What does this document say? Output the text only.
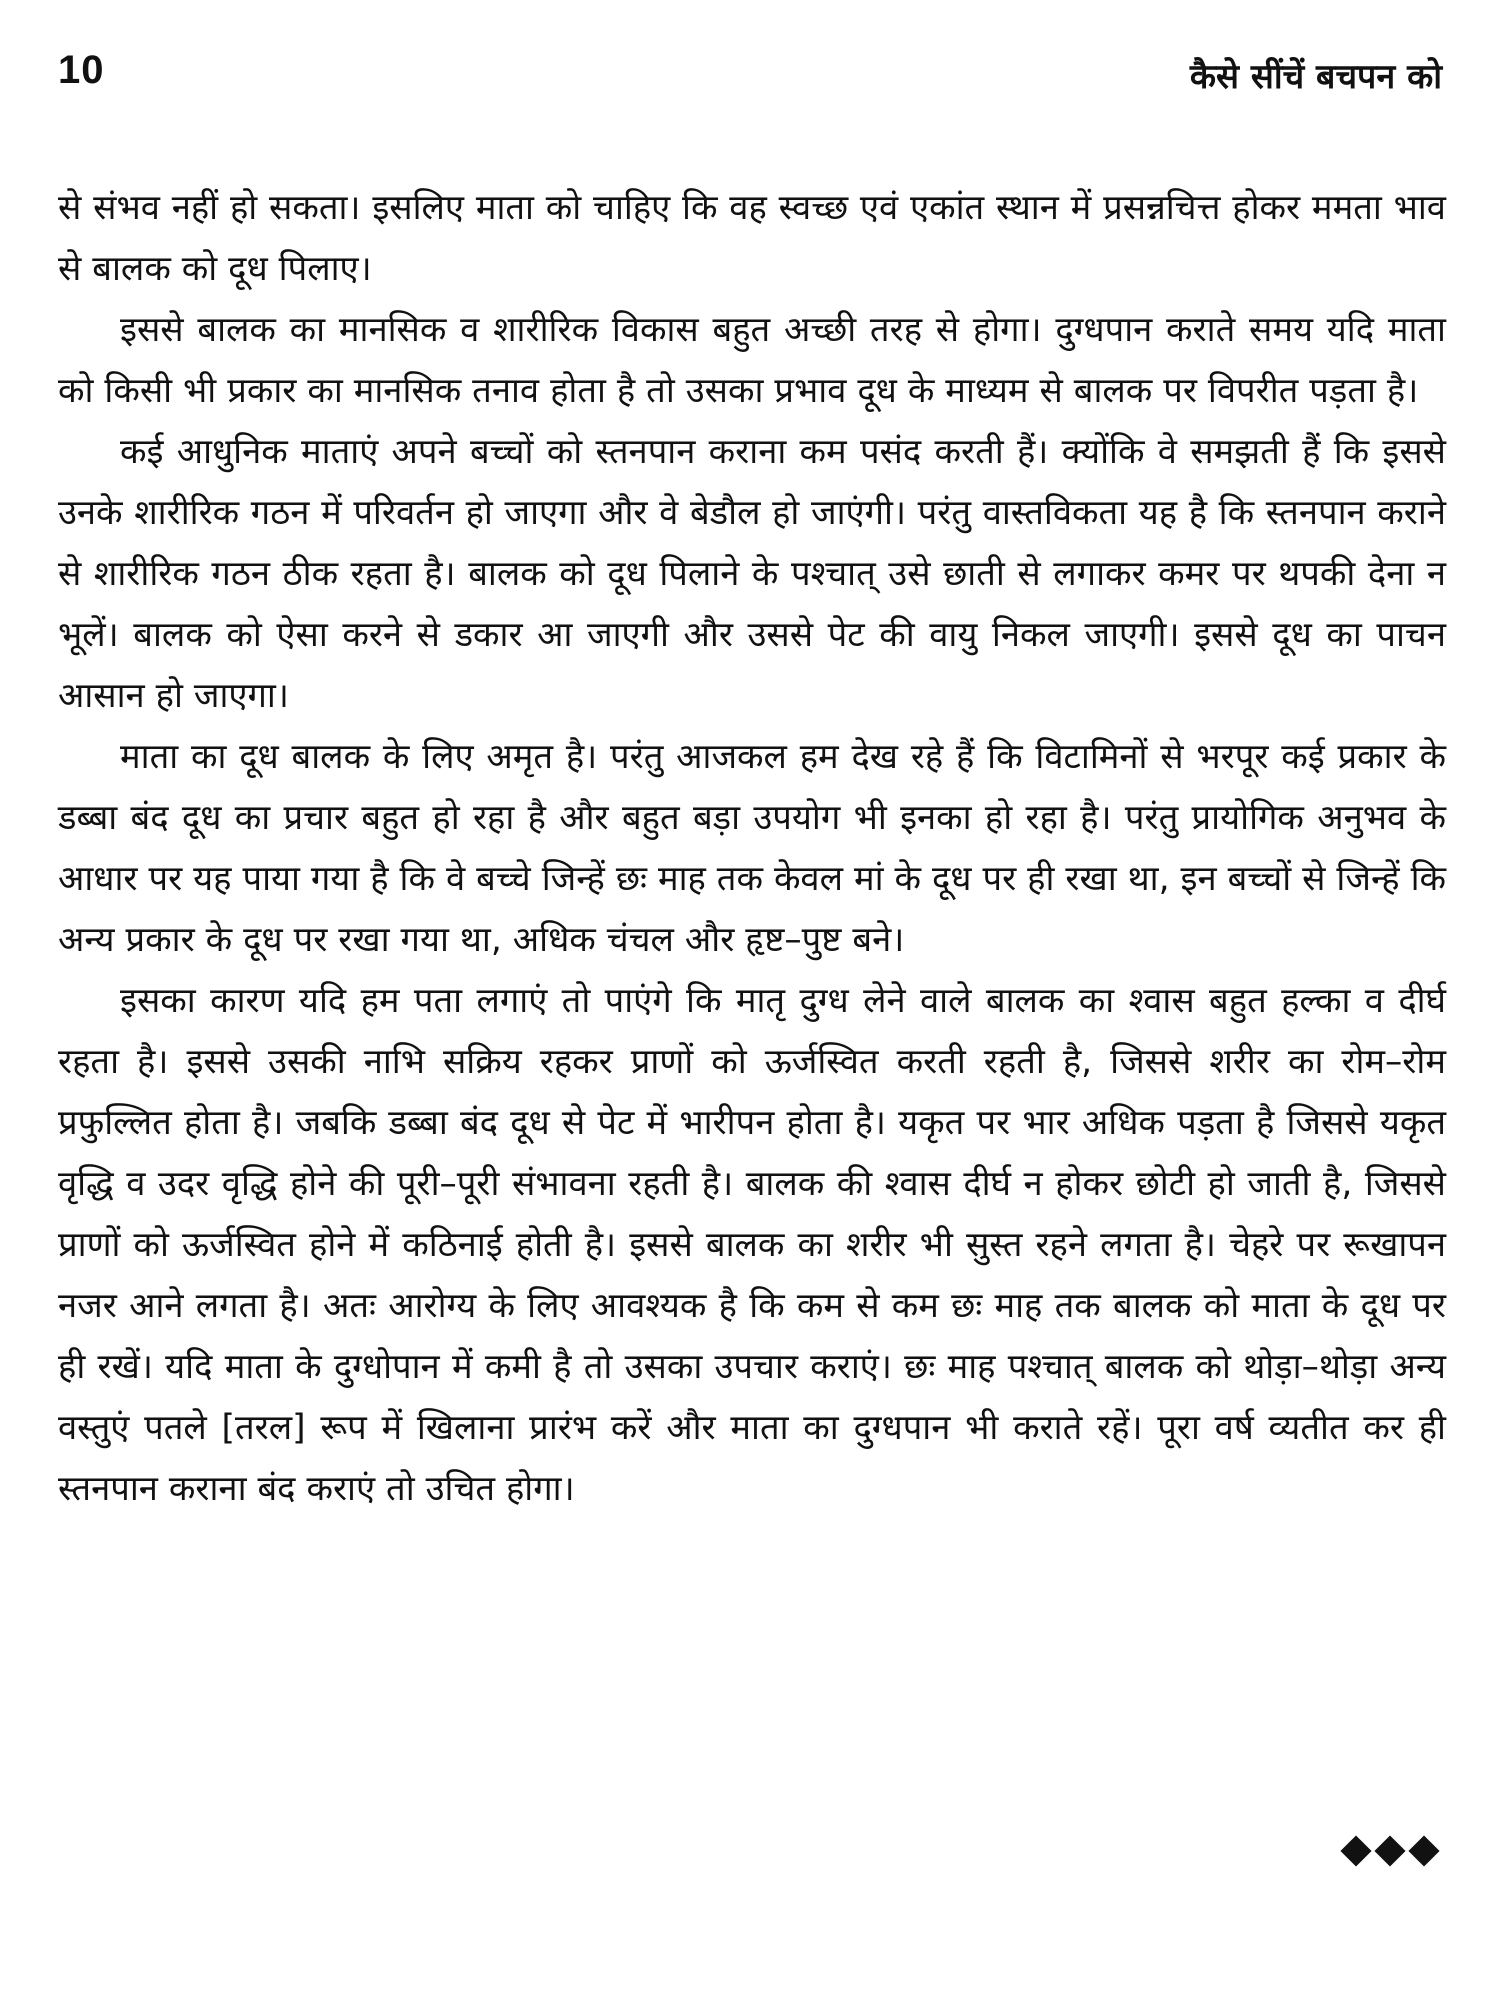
10	कैसे सींचें बचपन को

से संभव नहीं हो सकता। इसलिए माता को चाहिए कि वह स्वच्छ एवं एकांत स्थान में प्रसन्नचित्त होकर ममता भाव से बालक को दूध पिलाए।

इससे बालक का मानसिक व शारीरिक विकास बहुत अच्छी तरह से होगा। दुग्धपान कराते समय यदि माता को किसी भी प्रकार का मानसिक तनाव होता है तो उसका प्रभाव दूध के माध्यम से बालक पर विपरीत पड़ता है।

कई आधुनिक माताएं अपने बच्चों को स्तनपान कराना कम पसंद करती हैं। क्योंकि वे समझती हैं कि इससे उनके शारीरिक गठन में परिवर्तन हो जाएगा और वे बेडौल हो जाएंगी। परंतु वास्तविकता यह है कि स्तनपान कराने से शारीरिक गठन ठीक रहता है। बालक को दूध पिलाने के पश्चात् उसे छाती से लगाकर कमर पर थपकी देना न भूलें। बालक को ऐसा करने से डकार आ जाएगी और उससे पेट की वायु निकल जाएगी। इससे दूध का पाचन आसान हो जाएगा।

माता का दूध बालक के लिए अमृत है। परंतु आजकल हम देख रहे हैं कि विटामिनों से भरपूर कई प्रकार के डब्बा बंद दूध का प्रचार बहुत हो रहा है और बहुत बड़ा उपयोग भी इनका हो रहा है। परंतु प्रायोगिक अनुभव के आधार पर यह पाया गया है कि वे बच्चे जिन्हें छः माह तक केवल मां के दूध पर ही रखा था, इन बच्चों से जिन्हें कि अन्य प्रकार के दूध पर रखा गया था, अधिक चंचल और हृष्ट–पुष्ट बने।

इसका कारण यदि हम पता लगाएं तो पाएंगे कि मातृ दुग्ध लेने वाले बालक का श्वास बहुत हल्का व दीर्घ रहता है। इससे उसकी नाभि सक्रिय रहकर प्राणों को ऊर्जस्वित करती रहती है, जिससे शरीर का रोम–रोम प्रफुल्लित होता है। जबकि डब्बा बंद दूध से पेट में भारीपन होता है। यकृत पर भार अधिक पड़ता है जिससे यकृत वृद्धि व उदर वृद्धि होने की पूरी–पूरी संभावना रहती है। बालक की श्वास दीर्घ न होकर छोटी हो जाती है, जिससे प्राणों को ऊर्जस्वित होने में कठिनाई होती है। इससे बालक का शरीर भी सुस्त रहने लगता है। चेहरे पर रूखापन नजर आने लगता है। अतः आरोग्य के लिए आवश्यक है कि कम से कम छः माह तक बालक को माता के दूध पर ही रखें। यदि माता के दुग्धोपान में कमी है तो उसका उपचार कराएं। छः माह पश्चात् बालक को थोड़ा–थोड़ा अन्य वस्तुएं पतले [तरल] रूप में खिलाना प्रारंभ करें और माता का दुग्धपान भी कराते रहें। पूरा वर्ष व्यतीत कर ही स्तनपान कराना बंद कराएं तो उचित होगा।
